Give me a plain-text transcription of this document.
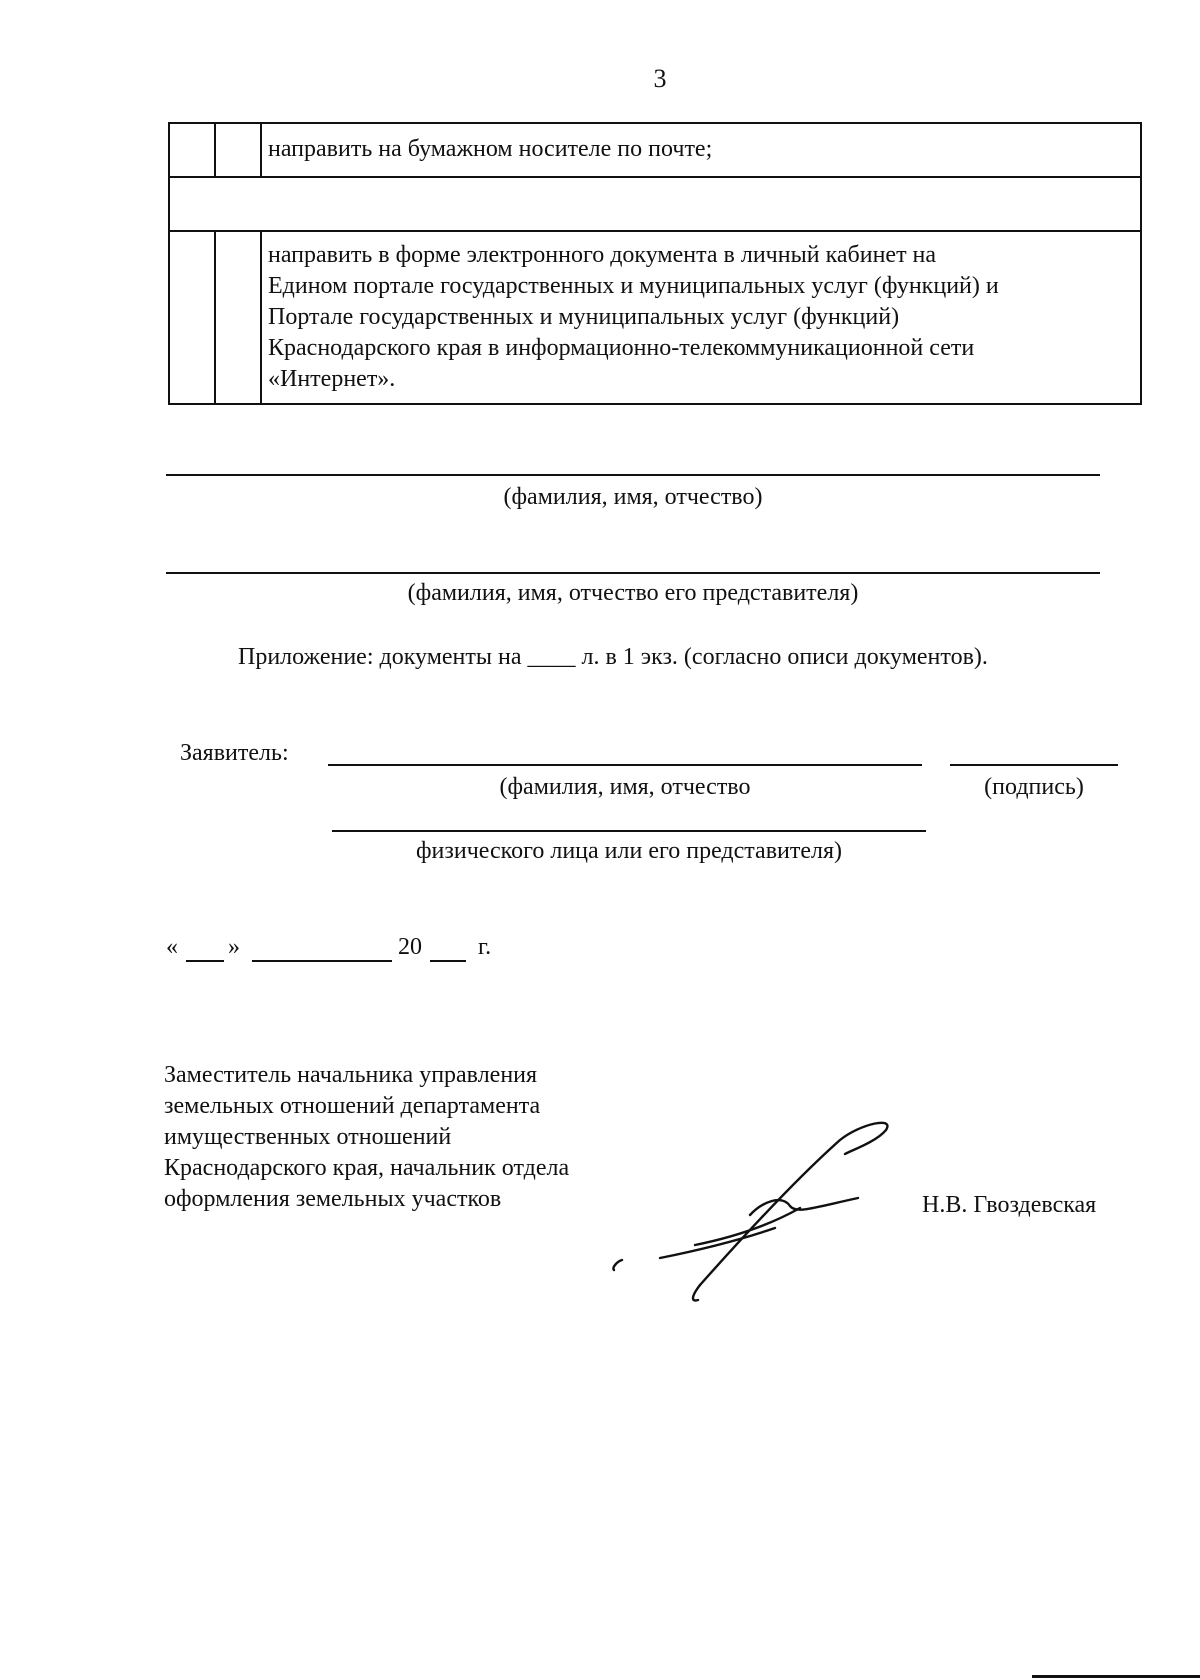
3
направить на бумажном носителе по почте;
направить в форме электронного документа в личный кабинет на
Едином портале государственных и муниципальных услуг (функций) и
Портале государственных и муниципальных услуг (функций)
Краснодарского края в информационно-телекоммуникационной сети
«Интернет».
(фамилия, имя, отчество)
(фамилия, имя, отчество его представителя)
Приложение: документы на ____ л. в 1 экз. (согласно описи документов).
Заявитель:
(фамилия, имя, отчество	(подпись)
физического лица или его представителя)
« »	20 г.
Заместитель начальника управления
земельных отношений департамента
имущественных отношений
Краснодарского края, начальник отдела
оформления земельных участков	Н.В. Гвоздевская
